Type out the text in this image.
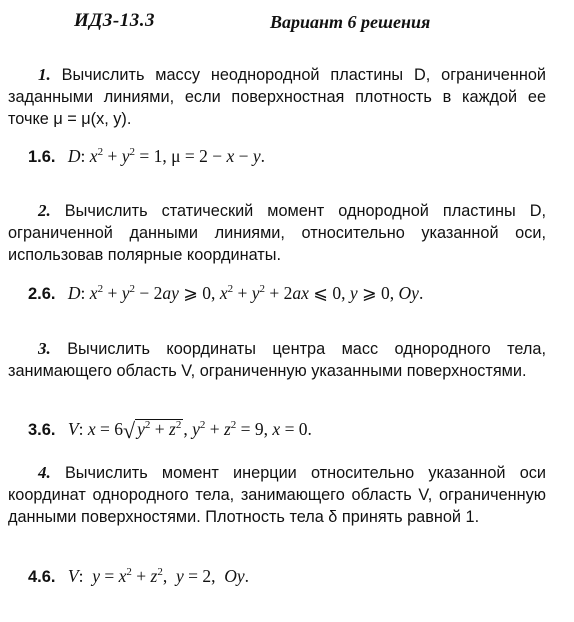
ИДЗ-13.3	Вариант 6 решения
1. Вычислить массу неоднородной пластины D, ограниченной заданными линиями, если поверхностная плотность в каждой ее точке μ = μ(x, y).
1.6. D: $x^2 + y^2 = 1$, μ = 2 − x − y.
2. Вычислить статический момент однородной пластины D, ограниченной данными линиями, относительно указанной оси, использовав полярные координаты.
2.6. D: $x^2 + y^2 - 2ay$ ⩾ 0, $x^2 + y^2 + 2ax$ ⩽ 0, y ⩾ 0, Oy.
3. Вычислить координаты центра масс однородного тела, занимающего область V, ограниченную указанными поверхностями.
3.6. V: x = 6√ $y^2 + z^2$ , $y^2 + z^2 = 9$, x = 0.
4. Вычислить момент инерции относительно указанной оси координат однородного тела, занимающего область V, ограниченную данными поверхностями. Плотность тела δ принять равной 1.
4.6. V:  $y = x^2 + z^2$,  y = 2,  Oy.
